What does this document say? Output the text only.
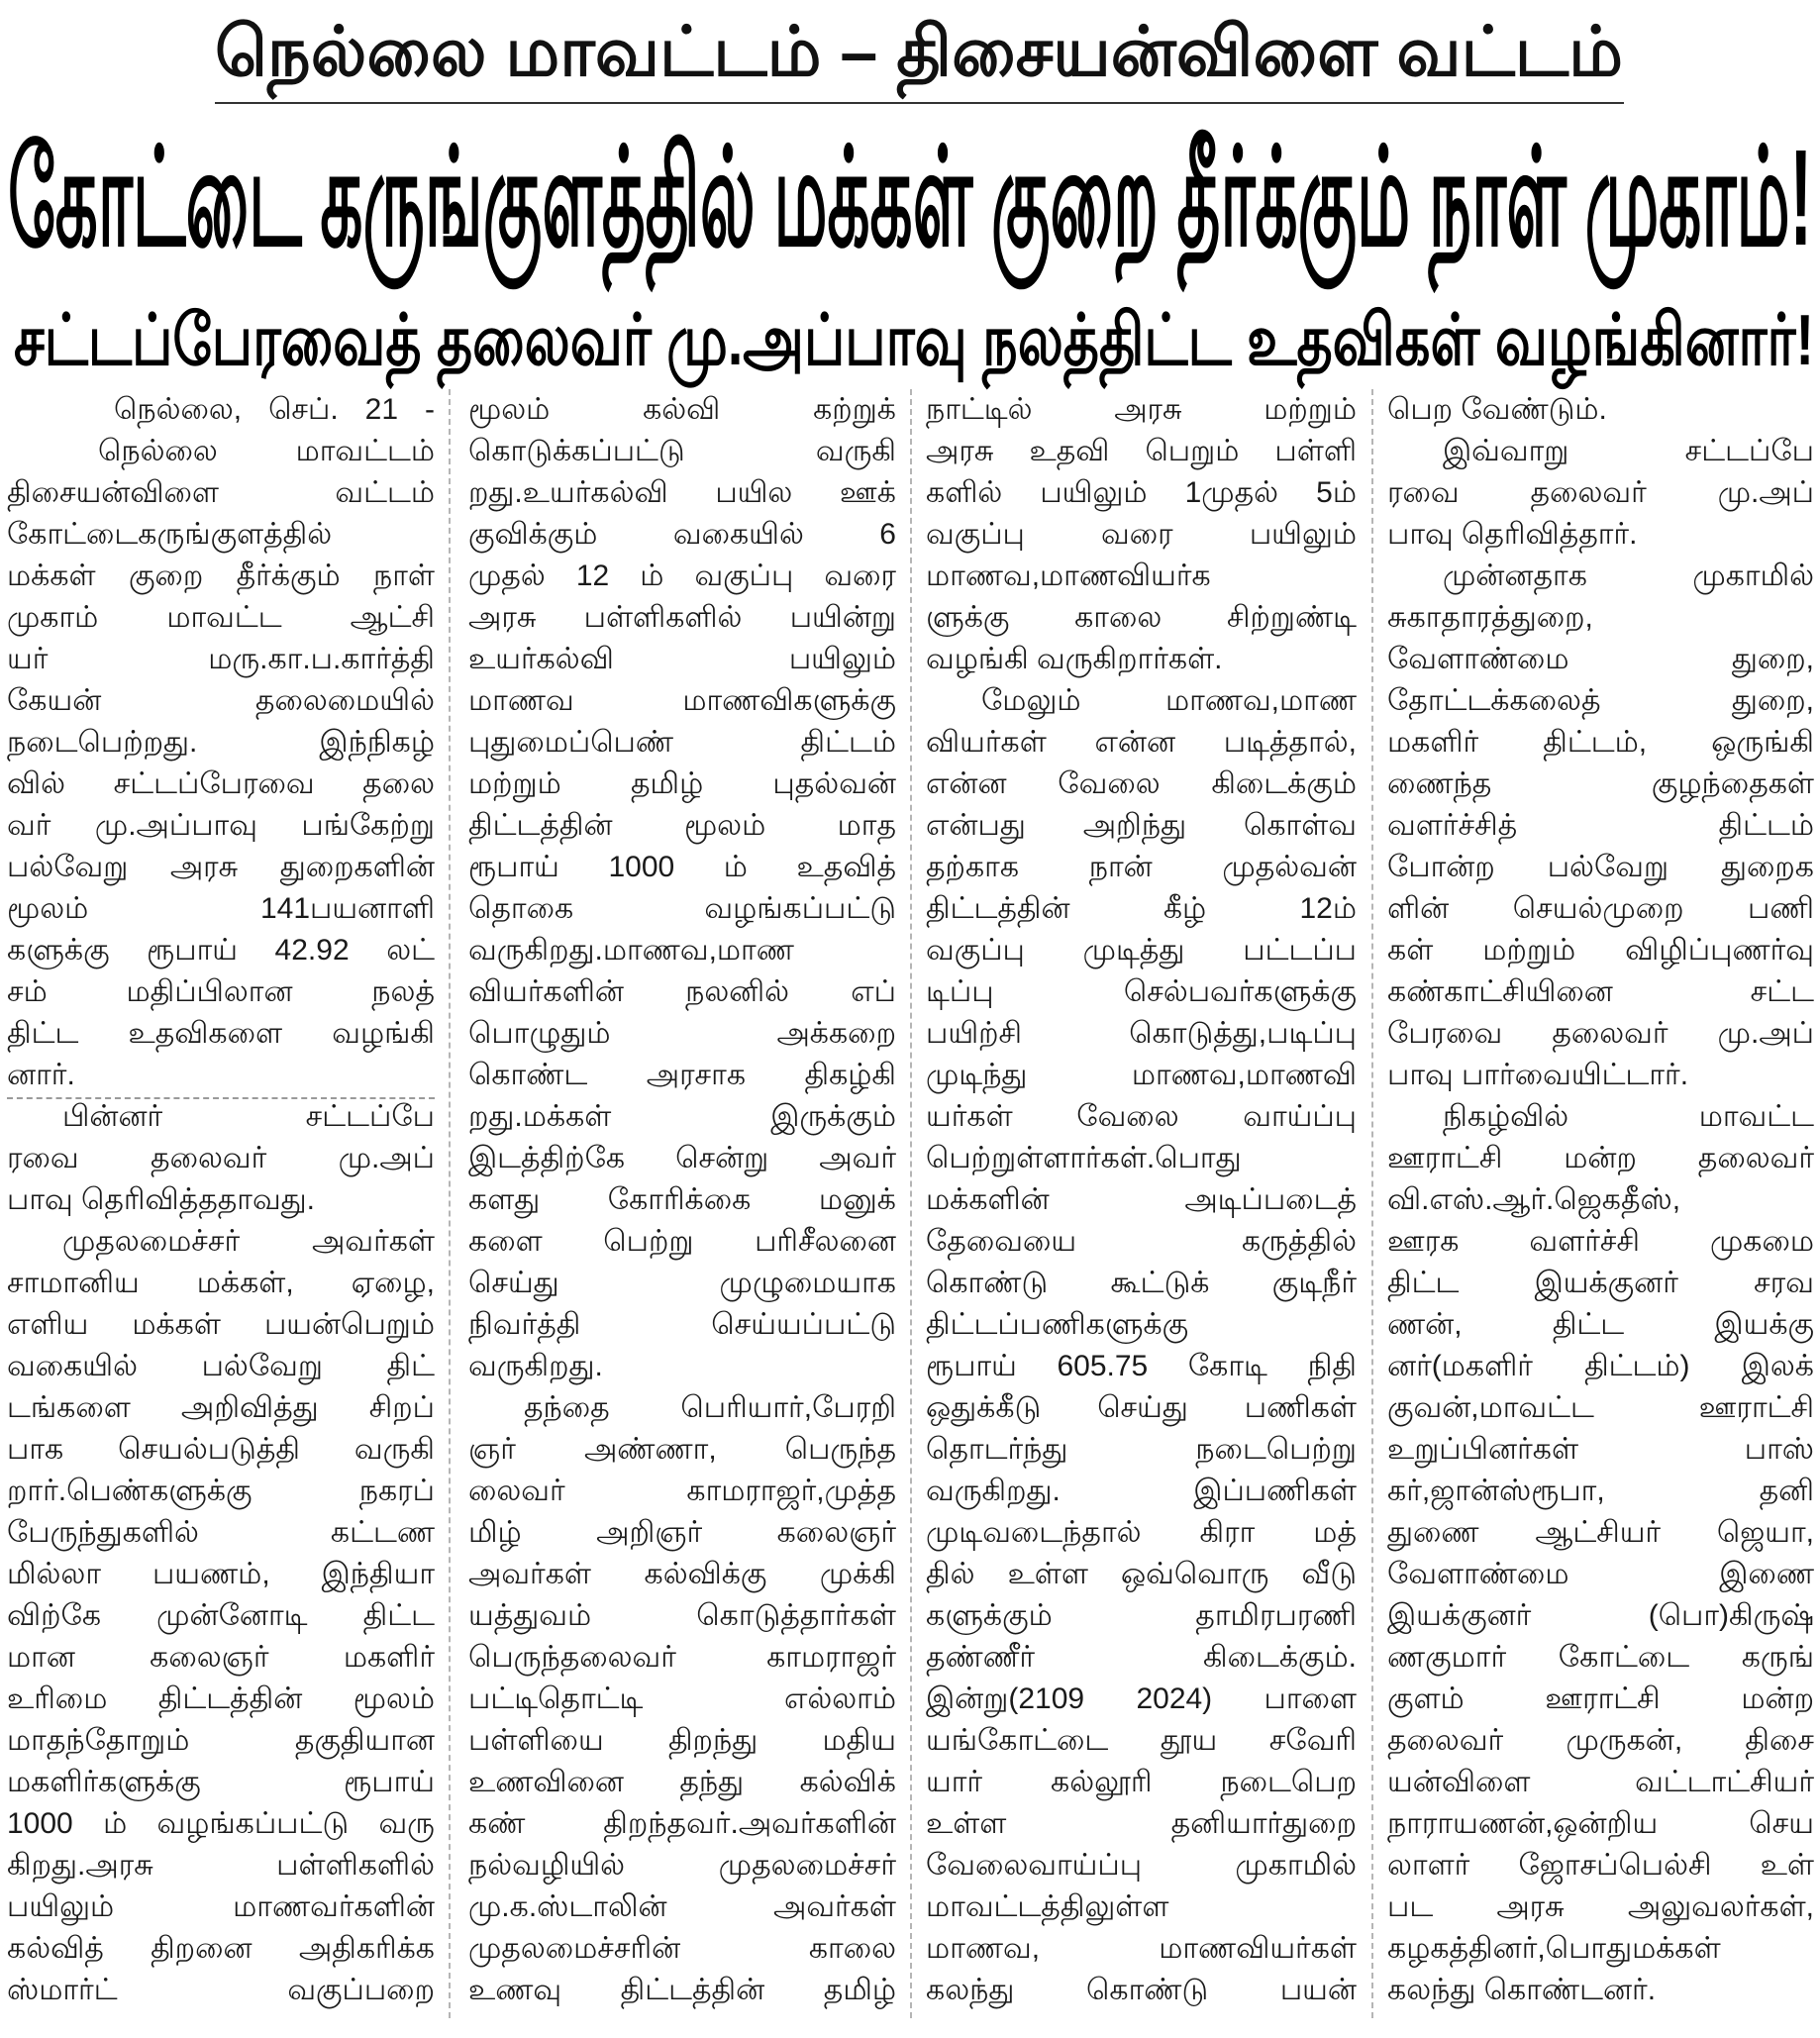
நெல்லை மாவட்டம் – திசையன்விளை வட்டம்
கோட்டை கருங்குளத்தில் மக்கள் குறை தீர்க்கும் நாள் முகாம்!
சட்டப்பேரவைத் தலைவர் மு.அப்பாவு நலத்திட்ட உதவிகள் வழங்கினார்!
நெல்லை, செப். 21 -
நெல்லை மாவட்டம்
திசையன்விளை வட்டம்
கோட்டைகருங்குளத்தில்
மக்கள் குறை தீர்க்கும் நாள்
முகாம் மாவட்ட ஆட்சி
யர் மரு.கா.ப.கார்த்தி
கேயன் தலைமையில்
நடைபெற்றது. இந்நிகழ்
வில் சட்டப்பேரவை தலை
வர் மு.அப்பாவு பங்கேற்று
பல்வேறு அரசு துறைகளின்
மூலம் 141பயனாளி
களுக்கு ரூபாய் 42.92 லட்
சம் மதிப்பிலான நலத்
திட்ட உதவிகளை வழங்கி
னார்.
பின்னர் சட்டப்பே
ரவை தலைவர் மு.அப்
பாவு தெரிவித்ததாவது.
முதலமைச்சர் அவர்கள்
சாமானிய மக்கள், ஏழை,
எளிய மக்கள் பயன்பெறும்
வகையில் பல்வேறு திட்
டங்களை அறிவித்து சிறப்
பாக செயல்படுத்தி வருகி
றார்.பெண்களுக்கு நகரப்
பேருந்துகளில் கட்டண
மில்லா பயணம், இந்தியா
விற்கே முன்னோடி திட்ட
மான கலைஞர் மகளிர்
உரிமை திட்டத்தின் மூலம்
மாதந்தோறும் தகுதியான
மகளிர்களுக்கு ரூபாய்
1000 ம் வழங்கப்பட்டு வரு
கிறது.அரசு பள்ளிகளில்
பயிலும் மாணவர்களின்
கல்வித் திறனை அதிகரிக்க
ஸ்மார்ட் வகுப்பறை
மூலம் கல்வி கற்றுக்
கொடுக்கப்பட்டு வருகி
றது.உயர்கல்வி பயில ஊக்
குவிக்கும் வகையில் 6
முதல் 12 ம் வகுப்பு வரை
அரசு பள்ளிகளில் பயின்று
உயர்கல்வி பயிலும்
மாணவ மாணவிகளுக்கு
புதுமைப்பெண் திட்டம்
மற்றும் தமிழ் புதல்வன்
திட்டத்தின் மூலம் மாத
ரூபாய் 1000 ம் உதவித்
தொகை வழங்கப்பட்டு
வருகிறது.மாணவ,மாண
வியர்களின் நலனில் எப்
பொழுதும் அக்கறை
கொண்ட அரசாக திகழ்கி
றது.மக்கள் இருக்கும்
இடத்திற்கே சென்று அவர்
களது கோரிக்கை மனுக்
களை பெற்று பரிசீலனை
செய்து முழுமையாக
நிவர்த்தி செய்யப்பட்டு
வருகிறது.
தந்தை பெரியார்,பேரறி
ஞர் அண்ணா, பெருந்த
லைவர் காமராஜர்,முத்த
மிழ் அறிஞர் கலைஞர்
அவர்கள் கல்விக்கு முக்கி
யத்துவம் கொடுத்தார்கள்
பெருந்தலைவர் காமராஜர்
பட்டிதொட்டி எல்லாம்
பள்ளியை திறந்து மதிய
உணவினை தந்து கல்விக்
கண் திறந்தவர்.அவர்களின்
நல்வழியில் முதலமைச்சர்
மு.க.ஸ்டாலின் அவர்கள்
முதலமைச்சரின் காலை
உணவு திட்டத்தின் தமிழ்
நாட்டில் அரசு மற்றும்
அரசு உதவி பெறும் பள்ளி
களில் பயிலும் 1முதல் 5ம்
வகுப்பு வரை பயிலும்
மாணவ,மாணவியர்க
ளுக்கு காலை சிற்றுண்டி
வழங்கி வருகிறார்கள்.
மேலும் மாணவ,மாண
வியர்கள் என்ன படித்தால்,
என்ன வேலை கிடைக்கும்
என்பது அறிந்து கொள்வ
தற்காக நான் முதல்வன்
திட்டத்தின் கீழ் 12ம்
வகுப்பு முடித்து பட்டப்ப
டிப்பு செல்பவர்களுக்கு
பயிற்சி கொடுத்து,படிப்பு
முடிந்து மாணவ,மாணவி
யர்கள் வேலை வாய்ப்பு
பெற்றுள்ளார்கள்.பொது
மக்களின் அடிப்படைத்
தேவையை கருத்தில்
கொண்டு கூட்டுக் குடிநீர்
திட்டப்பணிகளுக்கு
ரூபாய் 605.75 கோடி நிதி
ஒதுக்கீடு செய்து பணிகள்
தொடர்ந்து நடைபெற்று
வருகிறது. இப்பணிகள்
முடிவடைந்தால் கிரா மத்
தில் உள்ள ஒவ்வொரு வீடு
களுக்கும் தாமிரபரணி
தண்ணீர் கிடைக்கும்.
இன்று(2109 2024) பாளை
யங்கோட்டை தூய சவேரி
யார் கல்லூரி நடைபெற
உள்ள தனியார்துறை
வேலைவாய்ப்பு முகாமில்
மாவட்டத்திலுள்ள
மாணவ, மாணவியர்கள்
கலந்து கொண்டு பயன்
பெற வேண்டும்.
இவ்வாறு சட்டப்பே
ரவை தலைவர் மு.அப்
பாவு தெரிவித்தார்.
முன்னதாக முகாமில்
சுகாதாரத்துறை,
வேளாண்மை துறை,
தோட்டக்கலைத் துறை,
மகளிர் திட்டம், ஒருங்கி
ணைந்த குழந்தைகள்
வளர்ச்சித் திட்டம்
போன்ற பல்வேறு துறைக
ளின் செயல்முறை பணி
கள் மற்றும் விழிப்புணர்வு
கண்காட்சியினை சட்ட
பேரவை தலைவர் மு.அப்
பாவு பார்வையிட்டார்.
நிகழ்வில் மாவட்ட
ஊராட்சி மன்ற தலைவர்
வி.எஸ்.ஆர்.ஜெகதீஸ்,
ஊரக வளர்ச்சி முகமை
திட்ட இயக்குனர் சரவ
ணன், திட்ட இயக்கு
னர்(மகளிர் திட்டம்) இலக்
குவன்,மாவட்ட ஊராட்சி
உறுப்பினர்கள் பாஸ்
கர்,ஜான்ஸ்ரூபா, தனி
துணை ஆட்சியர் ஜெயா,
வேளாண்மை இணை
இயக்குனர் (பொ)கிருஷ்
ணகுமார் கோட்டை கருங்
குளம் ஊராட்சி மன்ற
தலைவர் முருகன், திசை
யன்விளை வட்டாட்சியர்
நாராயணன்,ஒன்றிய செய
லாளர் ஜோசப்பெல்சி உள்
பட அரசு அலுவலர்கள்,
கழகத்தினர்,பொதுமக்கள்
கலந்து கொண்டனர்.
